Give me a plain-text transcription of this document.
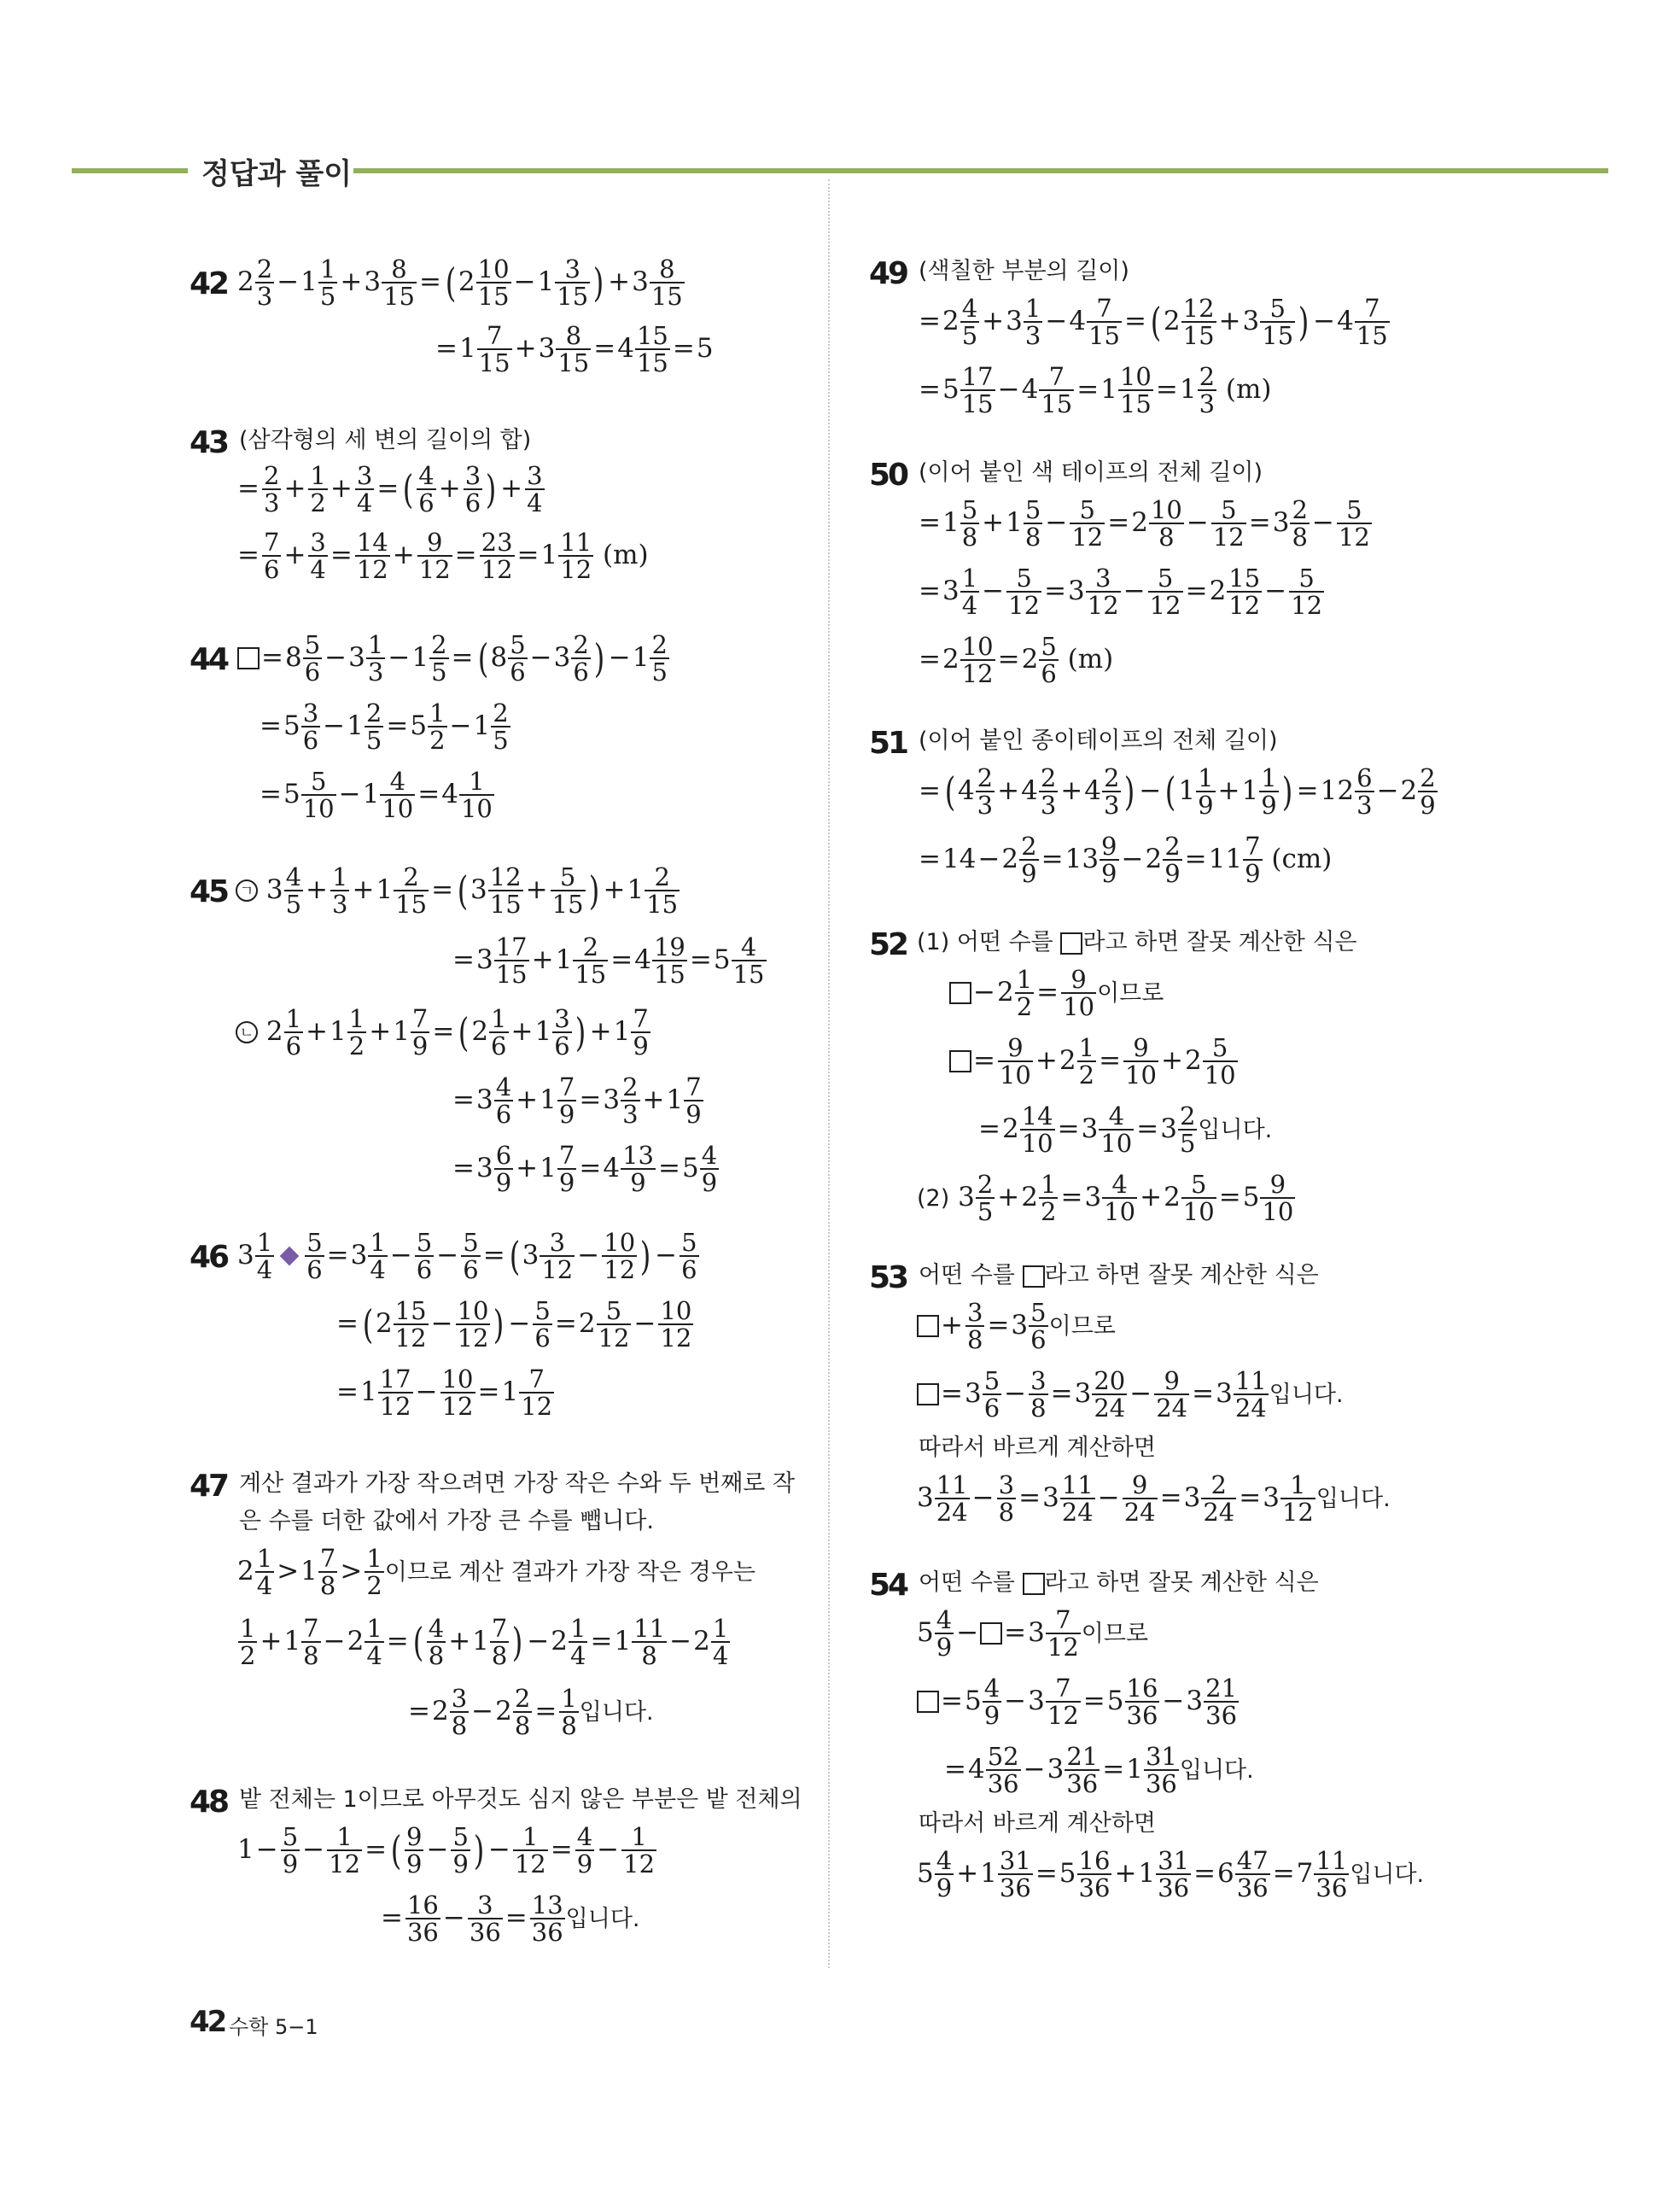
정답과 풀이
42 $2 \frac{2}{3} -1 \frac{1}{5} +3 \frac{8}{15} = (2 \frac{10}{15} -1 \frac{3}{15}$ ) $+3 \frac{8}{15}$
$=1 \frac{7}{15} +3 \frac{8}{15} =4 \frac{15}{15} =5$
43 (삼각형의 세 변의 길이의 합)
= $\frac{2}{3} + \frac{1}{2} + \frac{3}{4}$ = ( $\frac{4}{6} + \frac{3}{6}$ ) + $\frac{3}{4}$
= $\frac{7}{6} + \frac{3}{4} = \frac{14}{12} + \frac{9}{12} = \frac{23}{12} =1 \frac{11}{12} (m)$
44	$=8 \frac{5}{6} -3 \frac{1}{3} -1 \frac{2}{5} = (8 \frac{5}{6} -3 \frac{2}{6}$ ) $-1 \frac{2}{5}$
$=5 \frac{3}{6} -1 \frac{2}{5} =5 \frac{1}{2} -1 \frac{2}{5}$
$=5 \frac{5}{10} -1 \frac{4}{10} =4 \frac{1}{10}$
45 ㄱ $3 \frac{4}{5} + \frac{1}{3} +1 \frac{2}{15} = (3 \frac{12}{15} + \frac{5}{15}$ ) $+1 \frac{2}{15}$
$=3 \frac{17}{15} +1 \frac{2}{15} =4 \frac{19}{15} =5 \frac{4}{15}$
ㄴ $2 \frac{1}{6} +1 \frac{1}{2} +1 \frac{7}{9} = (2 \frac{1}{6} +1 \frac{3}{6}$ ) $+1 \frac{7}{9}$
$=3 \frac{4}{6} +1 \frac{7}{9} =3 \frac{2}{3} +1 \frac{7}{9}$
$=3 \frac{6}{9} +1 \frac{7}{9} =4 \frac{13}{9} =5 \frac{4}{9}$
46 $3 \frac{1}{4} \frac{5}{6} =3 \frac{1}{4} - \frac{5}{6} - \frac{5}{6} = (3 \frac{3}{12} - \frac{10}{12}$ ) − $\frac{5}{6}$
= ($2 \frac{15}{12} - \frac{10}{12}$ ) − $\frac{5}{6} =2 \frac{5}{12} - \frac{10}{12}$
$=1 \frac{17}{12} - \frac{10}{12} =1 \frac{7}{12}$
47 계산 결과가 가장 작으려면 가장 작은 수와 두 번째로 작
은 수를 더한 값에서 가장 큰 수를 뺍니다.
$2 \frac{1}{4} >1 \frac{7}{8} > \frac{1}{2}$ 이므로 계산 결과가 가장 작은 경우는
$\frac{1}{2} +1 \frac{7}{8} -2 \frac{1}{4}$ = ( $\frac{4}{8} +1 \frac{7}{8}$ ) $-2 \frac{1}{4} =1 \frac{11}{8} -2 \frac{1}{4}$
$=2 \frac{3}{8} -2 \frac{2}{8} = \frac{1}{8}$ 입니다.
48 밭 전체는 1이므로 아무것도 심지 않은 부분은 밭 전체의
$1- \frac{5}{9} - \frac{1}{12}$ = ( $\frac{9}{9} - \frac{5}{9}$ ) − $\frac{1}{12} = \frac{4}{9} - \frac{1}{12}$
= $\frac{16}{36} - \frac{3}{36} = \frac{13}{36}$ 입니다.
49 (색칠한 부분의 길이)
$=2 \frac{4}{5} +3 \frac{1}{3} -4 \frac{7}{15} = (2 \frac{12}{15} +3 \frac{5}{15}$ ) $-4 \frac{7}{15}$
$=5 \frac{17}{15} -4 \frac{7}{15} =1 \frac{10}{15} =1 \frac{2}{3} (m)$
50 (이어 붙인 색 테이프의 전체 길이)
$=1 \frac{5}{8} +1 \frac{5}{8} - \frac{5}{12} =2 \frac{10}{8} - \frac{5}{12} =3 \frac{2}{8} - \frac{5}{12}$
$=3 \frac{1}{4} - \frac{5}{12} =3 \frac{3}{12} - \frac{5}{12} =2 \frac{15}{12} - \frac{5}{12}$
$=2 \frac{10}{12} =2 \frac{5}{6} (m)$
51 (이어 붙인 종이테이프의 전체 길이)
= ($4 \frac{2}{3} +4 \frac{2}{3} +4 \frac{2}{3}$ ) − ($1 \frac{1}{9} +1 \frac{1}{9}$ ) $=12 \frac{6}{3} -2 \frac{2}{9}$
$=14-2 \frac{2}{9} =13 \frac{9}{9} -2 \frac{2}{9} =11 \frac{7}{9} (cm)$
52 (1) 어떤 수를 라고 하면 잘못 계산한 식은
$-2 \frac{1}{2} = \frac{9}{10}$ 이므로
= $\frac{9}{10} +2 \frac{1}{2} = \frac{9}{10} +2 \frac{5}{10}$
$=2 \frac{14}{10} =3 \frac{4}{10} =3 \frac{2}{5}$ 입니다.
(2) $3 \frac{2}{5} +2 \frac{1}{2} =3 \frac{4}{10} +2 \frac{5}{10} =5 \frac{9}{10}$
53 어떤 수를 라고 하면 잘못 계산한 식은
+ $\frac{3}{8} =3 \frac{5}{6}$ 이므로
$=3 \frac{5}{6} - \frac{3}{8} =3 \frac{20}{24} - \frac{9}{24} =3 \frac{11}{24}$ 입니다.
따라서 바르게 계산하면
$3 \frac{11}{24} - \frac{3}{8} =3 \frac{11}{24} - \frac{9}{24} =3 \frac{2}{24} =3 \frac{1}{12}$ 입니다.
54 어떤 수를 라고 하면 잘못 계산한 식은
$5 \frac{4}{9} - =3 \frac{7}{12}$ 이므로
$=5 \frac{4}{9} -3 \frac{7}{12} =5 \frac{16}{36} -3 \frac{21}{36}$
$=4 \frac{52}{36} -3 \frac{21}{36} =1 \frac{31}{36}$ 입니다.
따라서 바르게 계산하면
$5 \frac{4}{9} +1 \frac{31}{36} =5 \frac{16}{36} +1 \frac{31}{36} =6 \frac{47}{36} =7 \frac{11}{36}$ 입니다.
42 수학 5−1
